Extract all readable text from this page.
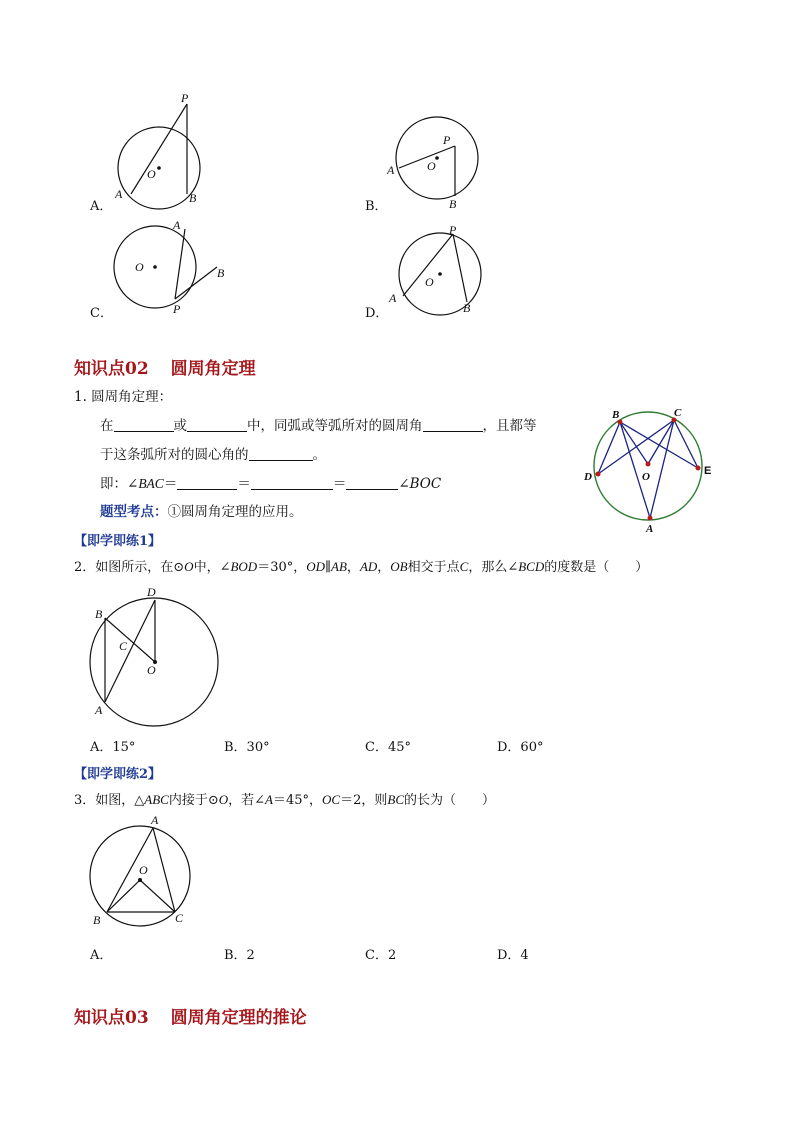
P
O
A	B
A．
P
O
A
B
B．
A
O	B
P
C．
P
O
A
B
D．
知识点02 圆周角定理
1. 圆周角定理：
在	或	中，同弧或等弧所对的圆周角	，且都等
于这条弧所对的圆心角的	。
即：∠BAC＝	＝	＝	∠BOC
题型考点：①圆周角定理的应用。
B	C
D	O	E
A
【即学即练1】
2．如图所示，在⊙O中，∠BOD＝30°，OD∥AB，AD，OB相交于点C，那么∠BCD的度数是（　　）
D
B
C
O
A
A．15°	B．30°	C．45°	D．60°
【即学即练2】
3．如图，△ABC内接于⊙O，若∠A＝45°，OC＝2，则BC的长为（　　）
A
O
B	C
A．	B．2	C．2	D．4
知识点03 圆周角定理的推论
